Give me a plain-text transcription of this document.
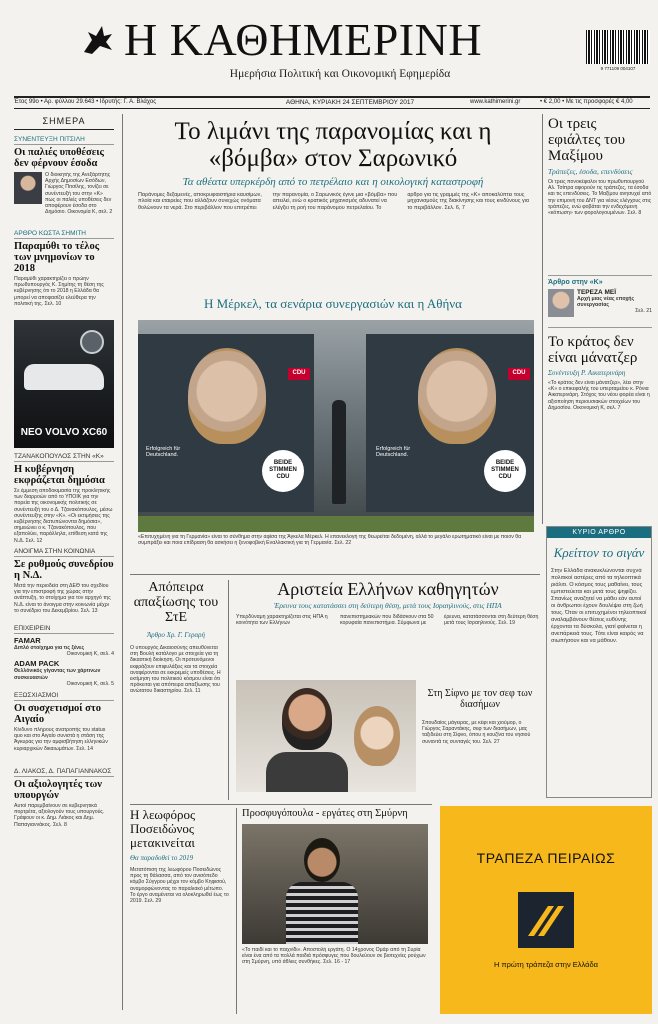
Η ΚΑΘΗΜΕΡΙΝΗ
Ημερήσια Πολιτική και Οικονομική Εφημερίδα	9 771109 004107
Έτος 99ο • Αρ. φύλλου 29.643 • Ιδρυτής: Γ. Α. Βλάχος	ΑΘΗΝΑ, ΚΥΡΙΑΚΗ 24 ΣΕΠΤΕΜΒΡΙΟΥ 2017	www.kathimerini.gr	• € 2,00 • Με τις προσφορές € 4,00
ΣΗΜΕΡΑ
ΣΥΝΕΝΤΕΥΞΗ ΠΙΤΣΙΛΗ
Οι παλιές υποθέσεις δεν φέρνουν έσοδα
Ο διοικητής της Ανεξάρτητης Αρχής Δημοσίων Εσόδων, Γιώργος Πιτσίλης, τονίζει σε συνέντευξή του στην «Κ» πως οι παλιές υποθέσεις δεν αποφέρουν έσοδα στο Δημόσιο. Οικονομία Κ, σελ. 2
ΑΡΘΡΟ ΚΩΣΤΑ ΣΗΜΙΤΗ
Παραμύθι το τέλος των μνημονίων το 2018
Παραμύθι χαρακτηρίζει ο πρώην πρωθυπουργός Κ. Σημίτης τη θέση της κυβέρνησης ότι το 2018 η Ελλάδα θα μπορεί να αποφασίζει ελεύθερα την πολιτική της. Σελ. 10
NEO VOLVO XC60
ΤΖΑΝΑΚΟΠΟΥΛΟΣ ΣΤΗΝ «Κ»
Η κυβέρνηση εκφράζεται δημόσια
Σε έμμεση αποδοκιμασία της προκλητικής των διαρροών από το ΥΠΟΙΚ για την πορεία της οικονομικής πολιτικής σε συνέντευξή του ο Δ. Τζανακόπουλος, μέσω συνέντευξης στην «Κ». «Οι εκτιμήσεις της κυβέρνησης διατυπώνονται δημόσια», σημειώνει ο κ. Τζανακόπουλος, που εξαπολύει, παράλληλα, επίθεση κατά της Ν.Δ. Σελ. 12
ΑΝΟΙΓΜΑ ΣΤΗΝ ΚΟΙΝΩΝΙΑ
Σε ρυθμούς συνεδρίου η Ν.Δ.
Μετά την περιοδεία στη ΔΕΘ του σχεδίου για την επιστροφή της χώρας στην ανάπτυξη, το στοίχημα για τον αρχηγό της Ν.Δ. είναι το άνοιγμα στην κοινωνία μέχρι το συνέδριο του Δεκεμβρίου. Σελ. 13
ΕΠΙΧΕΙΡΕΙΝ
FAMAR
Διπλό στοίχημα για τις ξένες
Οικονομική Κ, σελ. 4
ADAM PACK
Θελλόνικός γίγαντας των χάρτινων συσκευασιών
Οικονομική Κ, σελ. 5
ΕΞΩΣΧΙΑΣΜΟΙ
Οι συσχετισμοί στο Αιγαίο
Κίνδυνο πλήρους ανατροπής του status quo και στο Αιγαίο συνιστά η στάση της Άγκυρας για την αμφισβήτηση ελληνικών κυριαρχικών δικαιωμάτων. Σελ. 14
Δ. ΛΙΑΚΟΣ, Δ. ΠΑΠΑΓΙΑΝΝΑΚΟΣ
Οι αξιολογητές των υπουργών
Αυτοί παρεμβαίνουν σε κυβερνητικά πορτρέτα, αξιολογούν τους υπουργούς. Γράφουν οι κ. Δημ. Λιάκος και Δημ. Παπαγιαννάκος. Σελ. 8
Το λιμάνι της παρανομίας και η «βόμβα» στον Σαρωνικό
Τα αθέατα υπερκέρδη από το πετρέλαιο και η οικολογική καταστροφή
Παράνομες δεξαμενές, αποκρυφαιστήρια καυσίμων, πλοία και εταιρείες που αλλάζουν συνεχώς ονόματα θολώνουν τα νερά. Στο περιβάλλον που επιτρέπει την παρανομία, ο Σαρωνικός έγινε μια «βόμβα» που απειλεί, ενώ ο κρατικός μηχανισμός αδυνατεί να ελέγξει τη ροή του παράνομου πετρελαίου. Το αρθρο για τις γραμμές της «Κ» αποκαλύπτει τους μηχανισμούς της διακίνησης και τους κινδύνους για το περιβάλλον. Σελ. 6, 7
Η Μέρκελ, τα σενάρια συνεργασιών και η Αθήνα
CDU
Erfolgreich für Deutschland.
BEIDE STIMMEN CDU
CDU
Erfolgreich für Deutschland.
BEIDE STIMMEN CDU
«Επιτυχημένη για τη Γερμανία» είναι το σύνθημα στην αφίσα της Άγκελα Μέρκελ. Η επανεκλογή της θεωρείται δεδομένη, αλλά το μεγάλο ερωτηματικό είναι με ποιον θα συμπράξει και ποια επίδραση θα ασκήσει η ξενοφοβική Εναλλακτική για τη Γερμανία. Σελ. 22
Οι τρεις εφιάλτες του Μαξίμου
Τράπεζες, έσοδα, επενδύσεις
Οι τρεις πονοκέφαλοι του πρωθυπουργού Αλ. Τσίπρα αφορούν τις τράπεζες, τα έσοδα και τις επενδύσεις. Το Μαξίμου ανησυχεί από την επιμονή του ΔΝΤ για νέους ελέγχους στις τράπεζες, ενώ φοβάται την ενδεχόμενη «κόπωση» των φορολογουμένων. Σελ. 8
Άρθρο στην «Κ»
ΤΕΡΕΖΑ ΜΕΪ
Αρχή μιας νέας εποχής συνεργασίας
Σελ. 21
Το κράτος δεν είναι μάνατζερ
Συνέντευξη Ρ. Αικατερινάρη
«Το κράτος δεν είναι μάνατζερ», λέει στην «Κ» ο επικεφαλής του υπερταμείου κ. Ρόνια Αικατερινάρη. Στόχος του νέου φορέα είναι η αξιοποίηση περιουσιακών στοιχείων του Δημοσίου. Οικονομική Κ, σελ. 7
ΚΥΡΙΟ ΑΡΘΡΟ
Κρείττον το σιγάν
Στην Ελλάδα ανακυκλώνονται συχνά πολιτικοί αστέρες από τα τηλεοπτικά ριάλιτι. Ο κόσμος τους μαθαίνει, τους εμπιστεύεται και μετά τους ψηφίζει. Σπανίως αναζητεί να μάθει εάν αυτοί οι άνθρωποι έχουν δουλέψει στη ζωή τους. Όταν οι επιτυχημένοι τηλεοπτικοί αναλαμβάνουν θέσεις ευθύνης έρχονται τα δύσκολα, γιατί φαίνεται η ανεπάρκειά τους. Τότε είναι καιρός να σιωπήσουν και να μάθουν.
Απόπειρα απαξίωσης του ΣτΕ
Άρθρο Χρ. Γ. Γεραρή
Ο υπουργός Δικαιοσύνης απευθύνεται στη Βουλή κατάλογο με στοιχεία για τη δικαστική διοίκηση. Οι προτεινόμενοι εκφράζουν επιφυλάξεις και τα στοιχεία αναφέρονται σε εκκρεμείς υποθέσεις. Η εκτίμηση του πολιτικού κόσμου είναι ότι πρόκειται για απόπειρα απαξίωσης του ανώτατου δικαστηρίου. Σελ. 11
Αριστεία Ελλήνων καθηγητών
Έρευνα τους κατατάσσει στη δεύτερη θέση, μετά τους Ισραηλινούς, στις ΗΠΑ
Υπερδύναμη χαρακτηρίζεται στις ΗΠΑ η κοινότητα των Ελλήνων πανεπιστημιακών που διδάσκουν στα 50 κορυφαία πανεπιστήμια. Σύμφωνα με έρευνα, κατατάσσονται στη δεύτερη θέση μετά τους Ισραηλινούς. Σελ. 19
Στη Σίφνο με τον σεφ των διασήμων
Σπουδαίος μάγειρας, με κέφι και χιούμορ, ο Γιώργος Σαραντάκης, σεφ των διασήμων, μας ταξιδεύει στη Σίφνο, όπου η κουζίνα του νησιού συναντά τις συνταγές του. Σελ. 27
Η λεωφόρος Ποσειδώνος μετακινείται
Θα παραδοθεί το 2019
Μετατόπιση της λεωφόρου Ποσειδώνος προς τη θάλασσα, από τον ανισόπεδο κόμβο Σύγγρου μέχρι τον κόμβο Κηφισού, αναμορφώνοντας το παραλιακό μέτωπο. Το έργο αναμένεται να ολοκληρωθεί έως το 2019. Σελ. 29
Προσφυγόπουλα - εργάτες στη Σμύρνη
«Το παιδί και το παιχνίδι». Αποστολή εργάτη. Ο 14χρονος Ομάρ από τη Συρία είναι ένα από τα πολλά παιδιά πρόσφυγες που δουλεύουν σε βιοτεχνίες ρούχων στη Σμύρνη, υπό άθλιες συνθήκες. Σελ. 16 - 17
ΤΡΑΠΕΖΑ ΠΕΙΡΑΙΩΣ
Η πρώτη τράπεζα στην Ελλάδα
